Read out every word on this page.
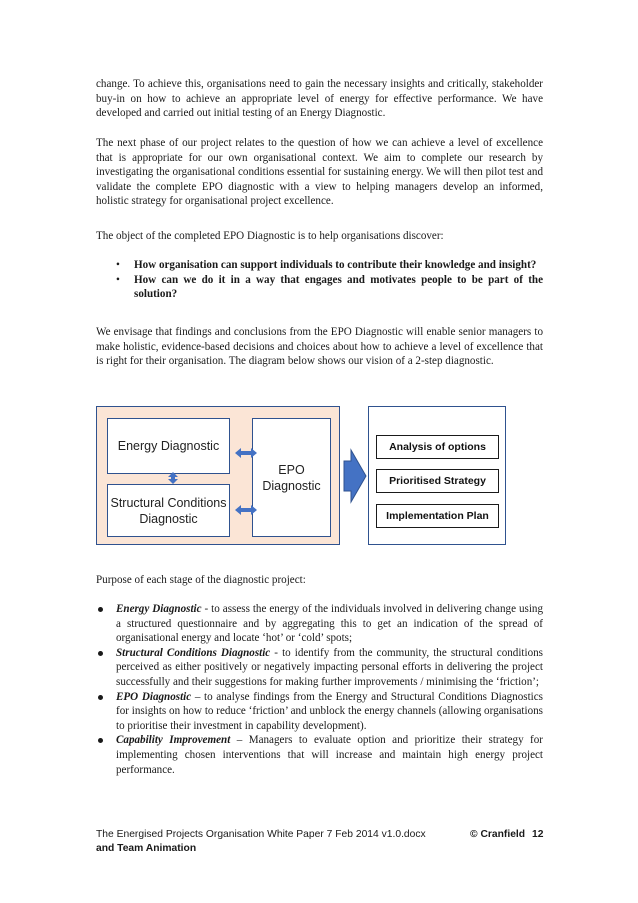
change. To achieve this, organisations need to gain the necessary insights and critically, stakeholder buy-in on how to achieve an appropriate level of energy for effective performance. We have developed and carried out initial testing of an Energy Diagnostic.

The next phase of our project relates to the question of how we can achieve a level of excellence that is appropriate for our own organisational context. We aim to complete our research by investigating the organisational conditions essential for sustaining energy. We will then pilot test and validate the complete EPO diagnostic with a view to helping managers develop an informed, holistic strategy for organisational project excellence.

The object of the completed EPO Diagnostic is to help organisations discover:

• How organisation can support individuals to contribute their knowledge and insight?
• How can we do it in a way that engages and motivates people to be part of the solution?

We envisage that findings and conclusions from the EPO Diagnostic will enable senior managers to make holistic, evidence-based decisions and choices about how to achieve a level of excellence that is right for their organisation. The diagram below shows our vision of a 2-step diagnostic.

Energy Diagnostic
Structural Conditions Diagnostic
EPO Diagnostic
Analysis of options
Prioritised Strategy
Implementation Plan

Purpose of each stage of the diagnostic project:

Energy Diagnostic - to assess the energy of the individuals involved in delivering change using a structured questionnaire and by aggregating this to get an indication of the spread of organisational energy and locate ‘hot’ or ‘cold’ spots;
Structural Conditions Diagnostic - to identify from the community, the structural conditions perceived as either positively or negatively impacting personal efforts in delivering the project successfully and their suggestions for making further improvements / minimising the ‘friction’;
EPO Diagnostic – to analyse findings from the Energy and Structural Conditions Diagnostics for insights on how to reduce ‘friction’ and unblock the energy channels (allowing organisations to prioritise their investment in capability development).
Capability Improvement – Managers to evaluate option and prioritize their strategy for implementing chosen interventions that will increase and maintain high energy project performance.
The Energised Projects Organisation White Paper 7 Feb 2014 v1.0.docx
and Team Animation
© Cranfield 12
